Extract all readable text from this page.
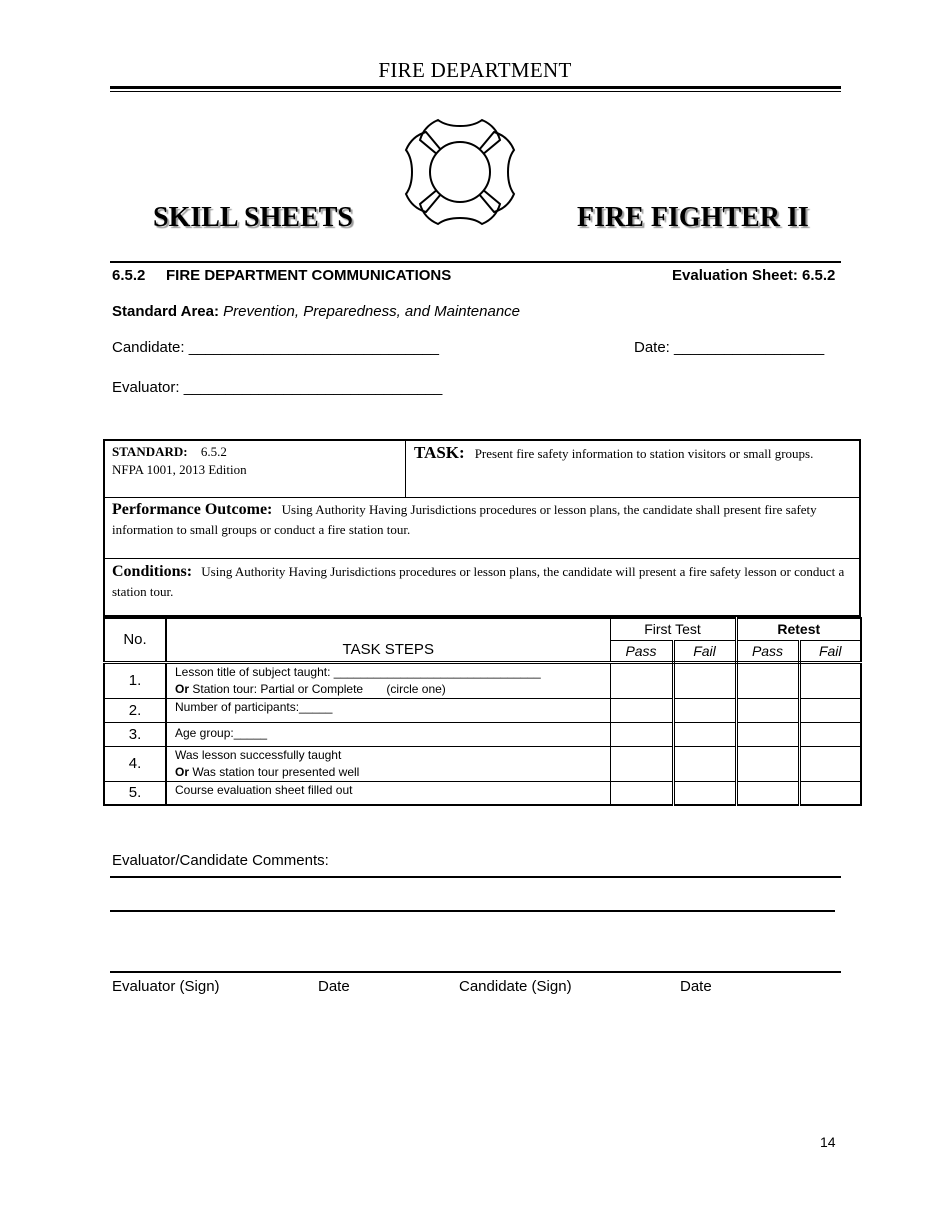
FIRE DEPARTMENT
SKILL SHEETS	FIRE FIGHTER II
6.5.2 FIRE DEPARTMENT COMMUNICATIONS	Evaluation Sheet: 6.5.2
Standard Area: Prevention, Preparedness, and Maintenance
Candidate: ______________________________	Date: __________________
Evaluator: _______________________________
STANDARD: 6.5.2
NFPA 1001, 2013 Edition
TASK: Present fire safety information to station visitors or small groups.
Performance Outcome: Using Authority Having Jurisdictions procedures or lesson plans, the candidate shall present fire safety information to small groups or conduct a fire station tour.
Conditions: Using Authority Having Jurisdictions procedures or lesson plans, the candidate will present a fire safety lesson or conduct a station tour.
No.	TASK STEPS	First Test		Retest	
		Pass	Fail	Pass	Fail
1.	Lesson title of subject taught: _______________________________
Or Station tour: Partial or Complete       (circle one)				

2.	Number of participants:_____				
3.	Age group:_____				
4.	Was lesson successfully taught
Or Was station tour presented well				

5.	Course evaluation sheet filled out				
Evaluator/Candidate Comments:
Evaluator (Sign)	Date	Candidate (Sign)	Date
14
